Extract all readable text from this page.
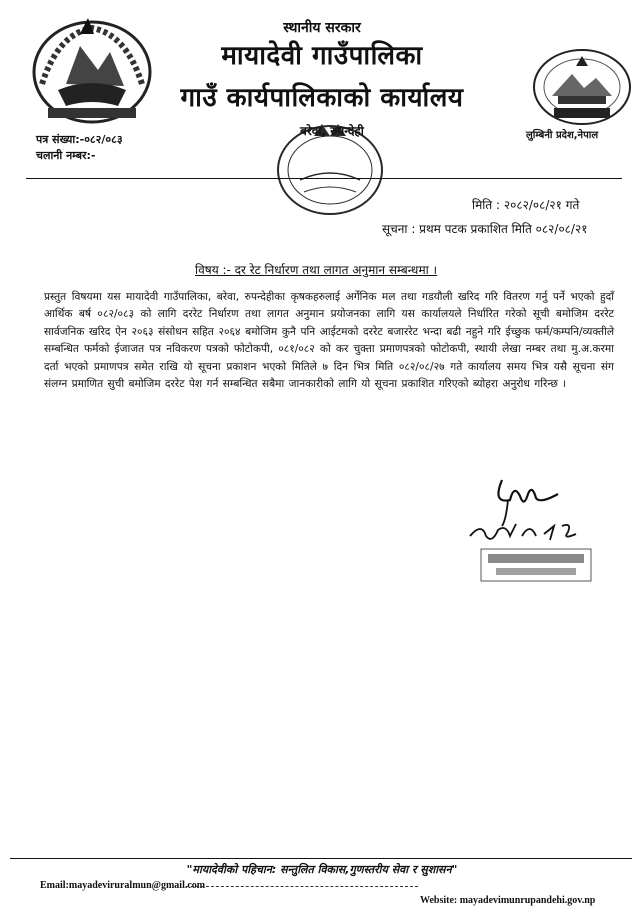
स्थानीय सरकार
मायादेवी गाउँपालिका
गाउँ कार्यपालिकाको कार्यालय
बरेवा, रुपन्देही	लुम्बिनी प्रदेश,नेपाल
पत्र संख्या:-०८२/०८३
चलानी नम्बर:-
मिति : २०८२/०८/२१ गते
सूचना : प्रथम पटक प्रकाशित मिति ०८२/०८/२१
विषय :- दर रेट निर्धारण तथा लागत अनुमान सम्बन्धमा ।
प्रस्तुत विषयमा यस मायादेवी गाउँपालिका, बरेवा, रुपन्देहीका कृषकहरुलाई अर्गेनिक मल तथा गडयौली खरिद गरि वितरण गर्नु पर्ने भएको हुदाँ आर्थिक बर्ष ०८२/०८३ को लागि दररेट निर्धारण तथा लागत अनुमान प्रयोजनका लागि यस कार्यालयले निर्धारित गरेको सूची बमोजिम दररेट सार्वजनिक खरिद ऐन २०६३ संसोधन सहित २०६४ बमोजिम कुनै पनि आईटमको दररेट बजाररेट भन्दा बढी नहुने गरि ईच्छुक फर्म/कम्पनि/व्यक्तीले सम्बन्धित फर्मको ईजाजत पत्र नविकरण पत्रको फोटोकपी, ०८१/०८२ को कर चुक्ता प्रमाणपत्रको फोटोकपी, स्थायी लेखा नम्बर तथा मु.अ.करमा दर्ता भएको प्रमाणपत्र समेत राखि यो सूचना प्रकाशन भएको मितिले ७ दिन भित्र मिति ०८२/०८/२७ गते कार्यालय समय भित्र यसै सूचना संग संलग्न प्रमाणित सुची बमोजिम दररेट पेश गर्न सम्बन्धित सबैमा जानकारीको लागि यो सूचना प्रकाशित गरिएको ब्योहरा अनुरोध गरिन्छ ।
"मायादेवीको पहिचान: सन्तुलित विकास,गुणस्तरीय सेवा र सुशासन"
Email:mayadeviruralmun@gmail.com
Website: mayadevimunrupandehi.gov.np
